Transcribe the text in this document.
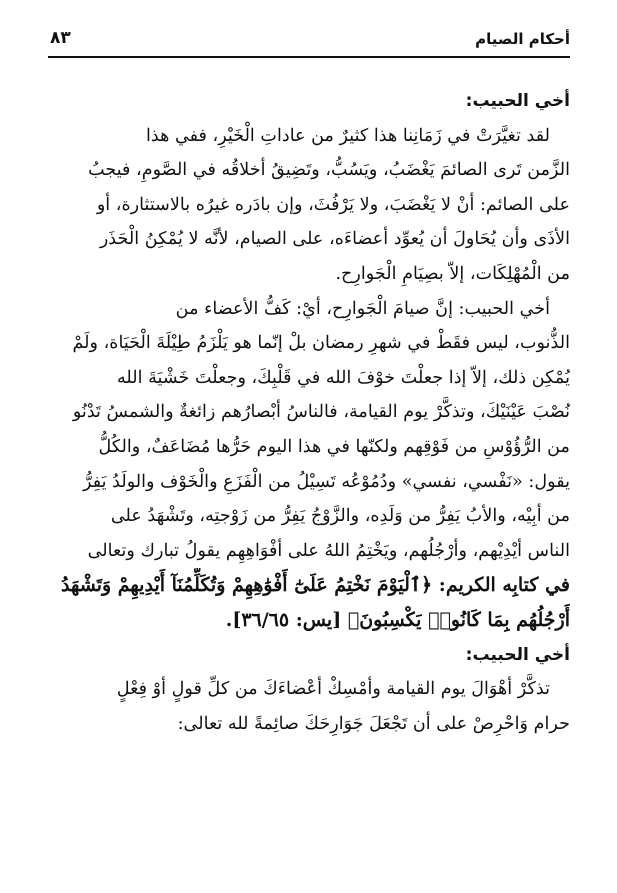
أحكام الصيام
٨٣
أخي الحبيب:

لقد تغيَّرَتْ في زَمَانِنا هذا كثيرٌ من عاداتِ الْخَيْرِ، ففي هذا

الزَّمن تَرى الصائمَ يَغْضَبُ، ويَسُبُّ، وتَضِيقُ أخلاقُه في الصَّومِ، فيجبُ

على الصائم: أنْ لا يَغْضَبَ، ولا يَرْفُثَ، وإن بادَره غيرُه بالاستثارة، أو

الأذَى وأن يُحَاولَ أن يُعوِّد أعضاءَه، على الصيام، لأنَّه لا يُمْكِنُ الْحَذَر

من الْمُهْلِكَات، إلاّ بصِيَامِ الْجَوارِح.

أخي الحبيب: إنَّ صيامَ الْجَوارِح، أيْ: كَفُّ الأعضاء من

الذُّنوب، ليس فقَطْ في شهرِ رمضان بلْ إنّما هو يَلْزَمُ طِيْلَةَ الْحَيَاة، ولَمْ

يُمْكِن ذلك، إلاّ إذا جعلْتَ خوْفَ الله في قَلْبِكَ، وجعلْتَ خَشْيَةَ الله

نُصْبَ عَيْنَيْكَ، وتذكَّرْ يوم القيامة، فالناسُ أبْصارُهم زائغةٌ والشمسُ تَدْنُو

من الرُّؤُوْسِ من فَوْقِهم ولكنّها في هذا اليوم حَرُّها مُضَاعَفٌ، والكُلُّ

يقول: «نَفْسي، نفسي» ودُمُوْعُه تَسِيْلُ من الْفَزَعِ والْخَوْف والولَدُ يَفِرُّ

من أبِيْه، والأبُ يَفِرُّ من وَلَدِه، والزَّوْجُ يَفِرُّ من زَوْجتِه، وتَشْهَدُ على

الناس أيْدِيْهم، وأرْجُلُهم، ويَخْتِمُ اللهُ على أفْوَاهِهِم يقولُ تبارك وتعالى

في كتابِه الكريم: ﴿ٱلْيَوْمَ نَخْتِمُ عَلَىٰٓ أَفْوَٰهِهِمْ وَتُكَلِّمُنَآ أَيْدِيهِمْ وَتَشْهَدُ

أَرْجُلُهُم بِمَا كَانُوا۟ يَكْسِبُونَ﴾ [يس: ٣٦/٦٥].

أخي الحبيب:

تذكَّرْ أهْوَالَ يوم القيامة وأمْسِكْ أعْضاءَكَ من كلِّ قولٍ أوْ فِعْلٍ

حرام وَاحْرِصْ على أن تَجْعَلَ جَوَارِحَكَ صائِمةً لله تعالى:
